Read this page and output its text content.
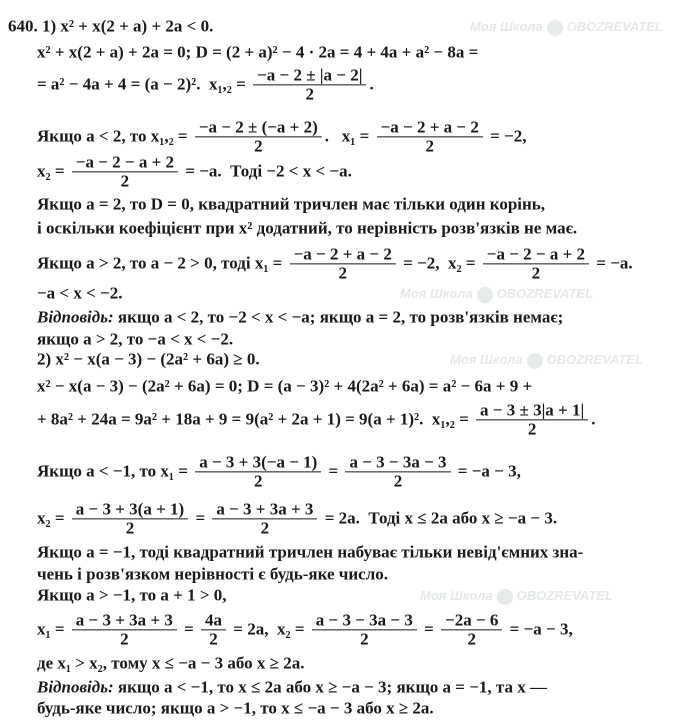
Моя Школа OBOZREVATEL
Моя Школа OBOZREVATEL
Моя Школа OBOZREVATEL
Моя Школа OBOZREVATEL
640. 1) x² + x(2 + a) + 2a < 0.
x² + x(2 + a) + 2a = 0; D = (2 + a)² − 4 · 2a = 4 + 4a + a² − 8a =
= a² − 4a + 4 = (a − 2)².  $x_1,_2 = \frac{-a - 2 \pm |a - 2|}{2}$ .
Якщо a < 2, то $x_1,_2 = \frac{-a - 2 \pm (-a + 2)}{2}$ .   $x_1 = \frac{-a - 2 + a - 2}{2} = -2$,
$x_2 = \frac{-a - 2 - a + 2}{2} = -a$.  Тоді −2 < x < −a.
Якщо a = 2, то D = 0, квадратний тричлен має тільки один корінь,
і оскільки коефіцієнт при x² додатний, то нерівність розв'язків не має.
Якщо a > 2, то a − 2 > 0, тоді $x_1 = \frac{-a - 2 + a - 2}{2} = -2$,  $x_2 = \frac{-a - 2 - a + 2}{2} = -a$.
−a < x < −2.
Відповідь: якщо a < 2, то −2 < x < −a; якщо a = 2, то розв'язків немає;
якщо a > 2, то −a < x < −2.
2) x² − x(a − 3) − (2a² + 6a) ≥ 0.
x² − x(a − 3) − (2a² + 6a) = 0; D = (a − 3)² + 4(2a² + 6a) = a² − 6a + 9 +
+ 8a² + 24a = 9a² + 18a + 9 = 9(a² + 2a + 1) = 9(a + 1)².  $x_1,_2 = \frac{a - 3 \pm 3|a + 1|}{2}$ .
Якщо a < −1, то $x_1 = \frac{a - 3 + 3(-a - 1)}{2} = \frac{a - 3 - 3a - 3}{2} = -a - 3$,
$x_2 = \frac{a - 3 + 3(a + 1)}{2} = \frac{a - 3 + 3a + 3}{2} = 2a$.  Тоді x ≤ 2a або x ≥ −a − 3.
Якщо a = −1, тоді квадратний тричлен набуває тільки невід'ємних зна-
чень і розв'язком нерівності є будь-яке число.
Якщо a > −1, то a + 1 > 0,
$x_1 = \frac{a - 3 + 3a + 3}{2} = \frac{4a}{2} = 2a$,  $x_2 = \frac{a - 3 - 3a - 3}{2} = \frac{-2a - 6}{2} = -a - 3$,
де x₁ > x₂, тому x ≤ −a − 3 або x ≥ 2a.
Відповідь: якщо a < −1, то x ≤ 2a або x ≥ −a − 3; якщо a = −1, та x —
будь-яке число; якщо a > −1, то x ≤ −a − 3 або x ≥ 2a.
